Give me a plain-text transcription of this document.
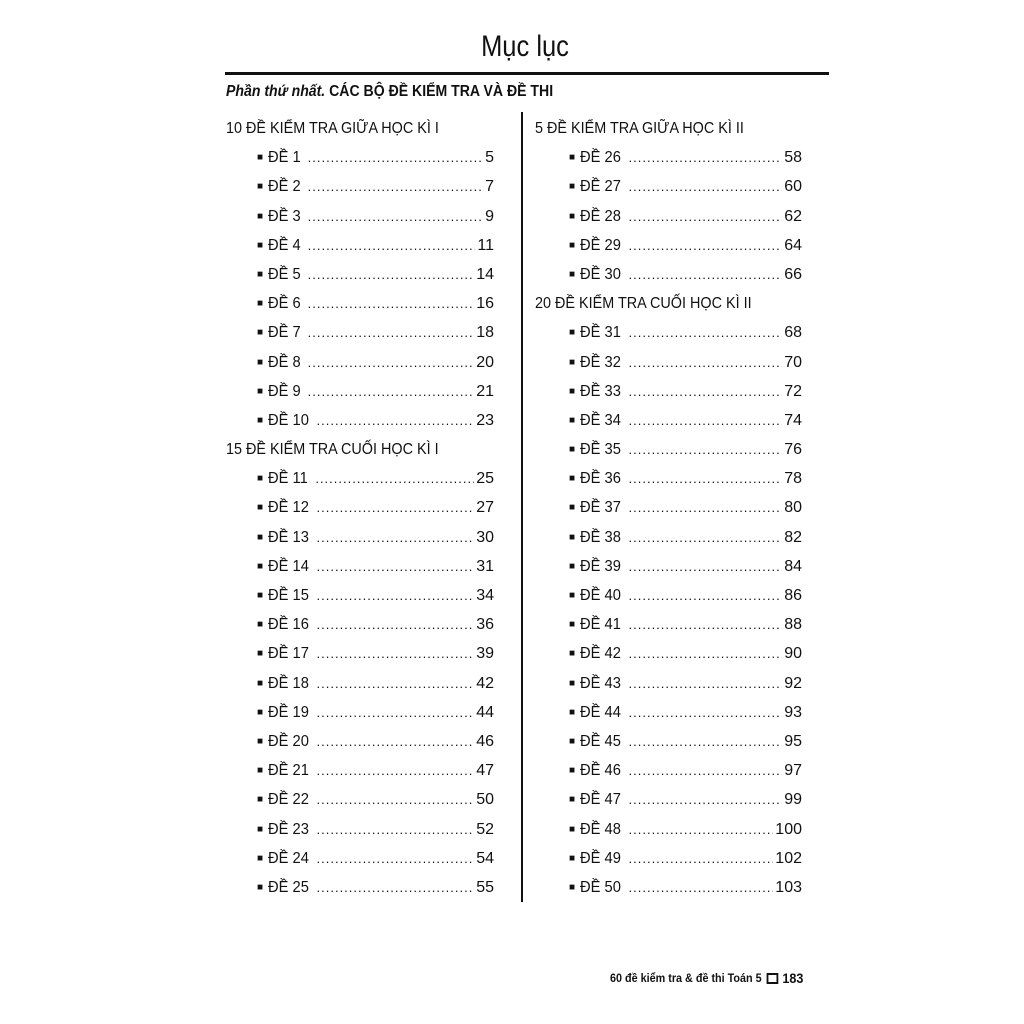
Mục lục
Phần thứ nhất. CÁC BỘ ĐỀ KIỂM TRA VÀ ĐỀ THI
10 ĐỀ KIỂM TRA GIỮA HỌC KÌ I
■ ĐỀ 1 .....	5
■ ĐỀ 2 .....	7
■ ĐỀ 3 .....	9
■ ĐỀ 4 .....	11
■ ĐỀ 5 .....	14
■ ĐỀ 6 .....	16
■ ĐỀ 7 .....	18
■ ĐỀ 8 .....	20
■ ĐỀ 9 .....	21
■ ĐỀ 10 .....	23
15 ĐỀ KIỂM TRA CUỐI HỌC KÌ I
■ ĐỀ 11 .....	25
■ ĐỀ 12 .....	27
■ ĐỀ 13 .....	30
■ ĐỀ 14 .....	31
■ ĐỀ 15 .....	34
■ ĐỀ 16 .....	36
■ ĐỀ 17 .....	39
■ ĐỀ 18 .....	42
■ ĐỀ 19 .....	44
■ ĐỀ 20 .....	46
■ ĐỀ 21 .....	47
■ ĐỀ 22 .....	50
■ ĐỀ 23 .....	52
■ ĐỀ 24 .....	54
■ ĐỀ 25 .....	55
5 ĐỀ KIỂM TRA GIỮA HỌC KÌ II
■ ĐỀ 26 .....	58
■ ĐỀ 27 .....	60
■ ĐỀ 28 .....	62
■ ĐỀ 29 .....	64
■ ĐỀ 30 .....	66
20 ĐỀ KIỂM TRA CUỐI HỌC KÌ II
■ ĐỀ 31 .....	68
■ ĐỀ 32 .....	70
■ ĐỀ 33 .....	72
■ ĐỀ 34 .....	74
■ ĐỀ 35 .....	76
■ ĐỀ 36 .....	78
■ ĐỀ 37 .....	80
■ ĐỀ 38 .....	82
■ ĐỀ 39 .....	84
■ ĐỀ 40 .....	86
■ ĐỀ 41 .....	88
■ ĐỀ 42 .....	90
■ ĐỀ 43 .....	92
■ ĐỀ 44 .....	93
■ ĐỀ 45 .....	95
■ ĐỀ 46 .....	97
■ ĐỀ 47 .....	99
■ ĐỀ 48 .....	100
■ ĐỀ 49 .....	102
■ ĐỀ 50 .....	103
60 đề kiểm tra & đề thi Toán 5 183
